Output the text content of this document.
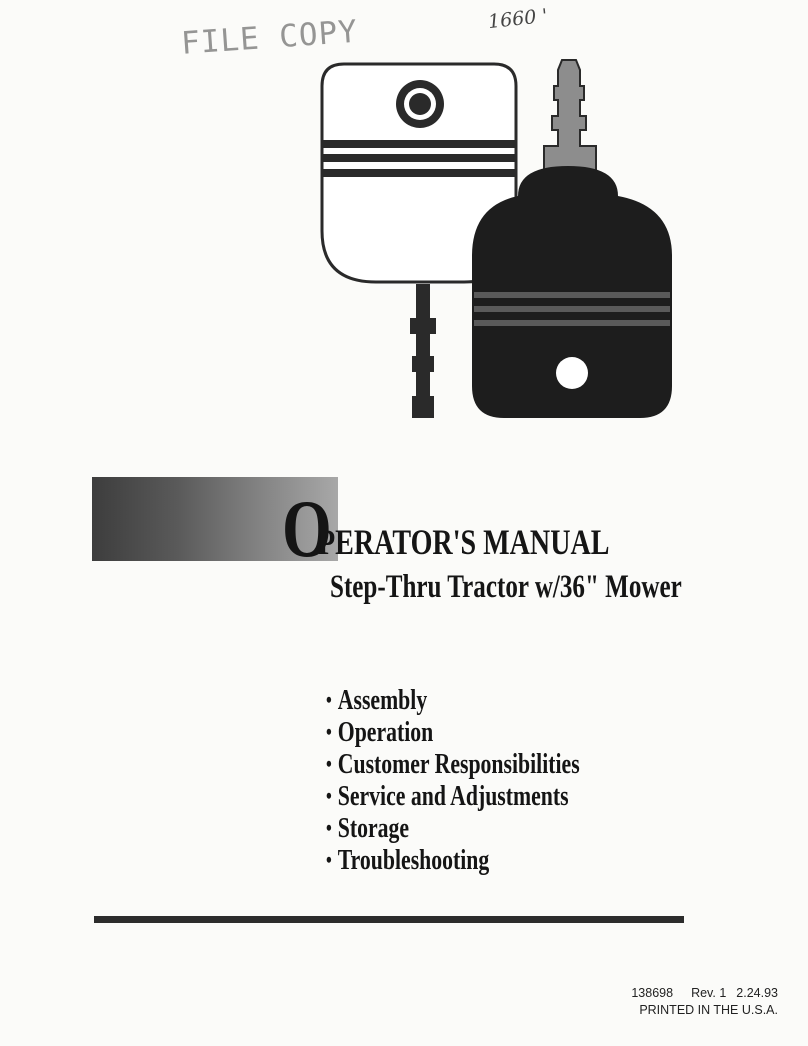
FILE COPY	1660 '
O
PERATOR'S MANUAL
Step-Thru Tractor w/36" Mower
• Assembly
• Operation
• Customer Responsibilities
• Service and Adjustments
• Storage
• Troubleshooting
138698 Rev. 1 2.24.93
PRINTED IN THE U.S.A.
